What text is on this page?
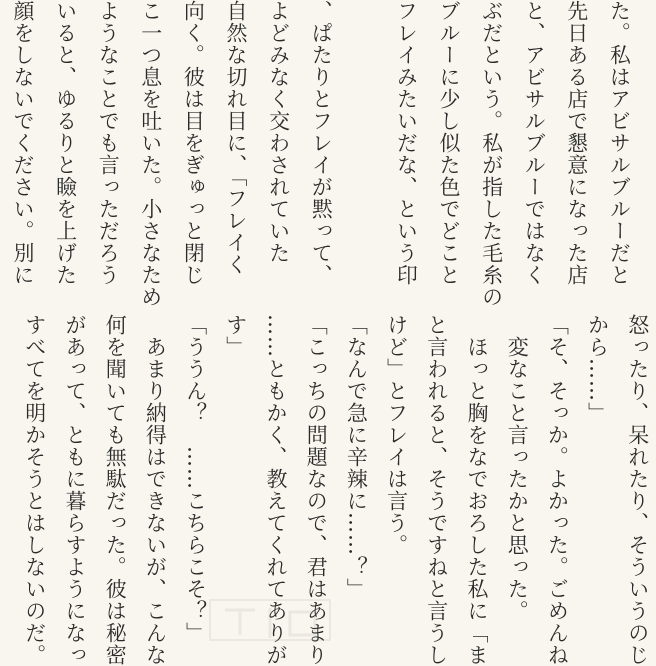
た。私はアビサルブルーだと
先日ある店で懇意になった店
と、アビサルブルーではなく
ぶだという。私が指した毛糸の
ブルーに少し似た色でどこと
フレイみたいだな、という印
、ぱたりとフレイが黙って、
よどみなく交わされていた
自然な切れ目に、「フレイく
向く。彼は目をぎゅっと閉じ
こ一つ息を吐いた。小さなため
ようなことでも言っただろう
いると、ゆるりと瞼を上げた
顔をしないでください。別に
怒ったり、呆れたり、そういうのじ
から……」
「そ、そっか。よかった。ごめんね
　変なこと言ったかと思った。
　ほっと胸をなでおろした私に「ま
と言われると、そうですねと言うし
けど」とフレイは言う。
「なんで急に辛辣に……？」
「こっちの問題なので、君はあまり
……ともかく、教えてくれてありが
す」
「ううん？　……こちらこそ？」
　あまり納得はできないが、こんな
何を聞いても無駄だった。彼は秘密
があって、ともに暮らすようになっ
すべてを明かそうとはしないのだ。
